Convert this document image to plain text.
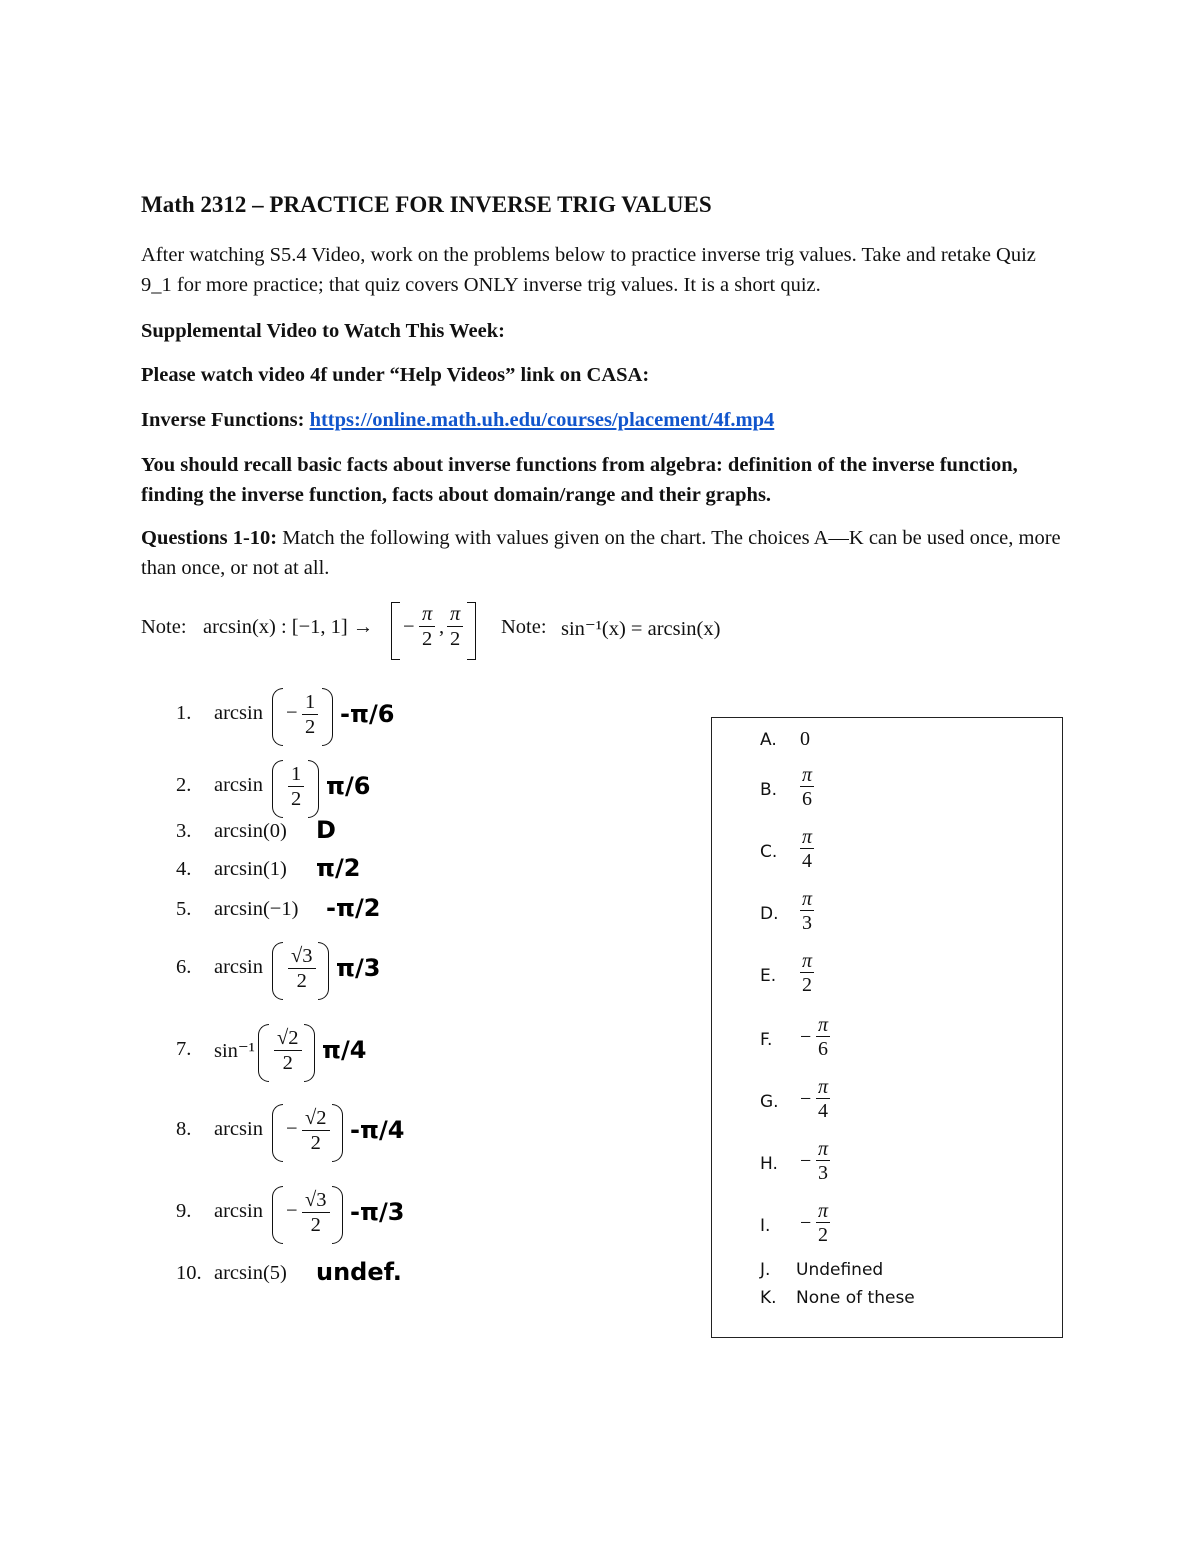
Math 2312 – PRACTICE FOR INVERSE TRIG VALUES
After watching S5.4 Video, work on the problems below to practice inverse trig values. Take and retake Quiz 9_1 for more practice; that quiz covers ONLY inverse trig values. It is a short quiz.
Supplemental Video to Watch This Week:
Please watch video 4f under “Help Videos” link on CASA:
Inverse Functions: https://online.math.uh.edu/courses/placement/4f.mp4
You should recall basic facts about inverse functions from algebra: definition of the inverse function, finding the inverse function, facts about domain/range and their graphs.
Questions 1-10: Match the following with values given on the chart. The choices A—K can be used once, more than once, or not at all.
Note: arcsin(x) : [−1, 1] → − $\frac{\pi}{2}$ , $\frac{\pi}{2}$ Note: sin⁻¹(x) = arcsin(x)
1.	$\arcsin - \frac{1}{2} -\pi/6$
2.	$\arcsin \frac{1}{2} \pi/6$
3.	arcsin(0) D
4.	arcsin(1) π/2
5.	arcsin(−1) -π/2
6.	$\arcsin \frac{√3}{2} \pi/3$
7.	$\sin^{-1} \frac{√2}{2} \pi/4$
8.	$\arcsin - \frac{√2}{2} -\pi/4$
9.	$\arcsin - \frac{√3}{2} -\pi/3$
10. arcsin(5) undef.
A.	0
B.	$\frac{\pi}{6}$
C.	$\frac{\pi}{4}$
D.	$\frac{\pi}{3}$
E.	$\frac{\pi}{2}$
F.	− $\frac{\pi}{6}$
G.	− $\frac{\pi}{4}$
H.	− $\frac{\pi}{3}$
I.	− $\frac{\pi}{2}$
J.	Undefined
K.	None of these
